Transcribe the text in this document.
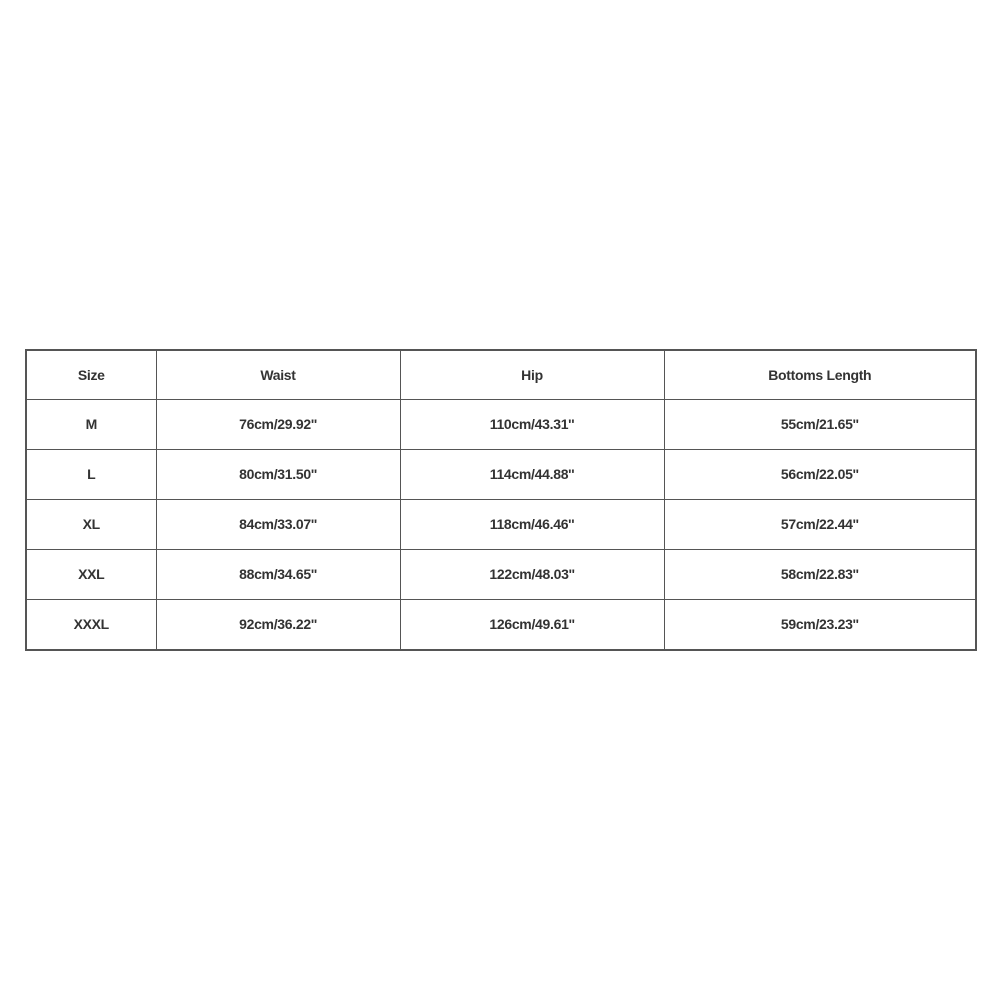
Size	Waist	Hip	Bottoms Length
M	76cm/29.92''	110cm/43.31''	55cm/21.65''
L	80cm/31.50''	114cm/44.88''	56cm/22.05''
XL	84cm/33.07''	118cm/46.46''	57cm/22.44''
XXL	88cm/34.65''	122cm/48.03''	58cm/22.83''
XXXL	92cm/36.22''	126cm/49.61''	59cm/23.23''
